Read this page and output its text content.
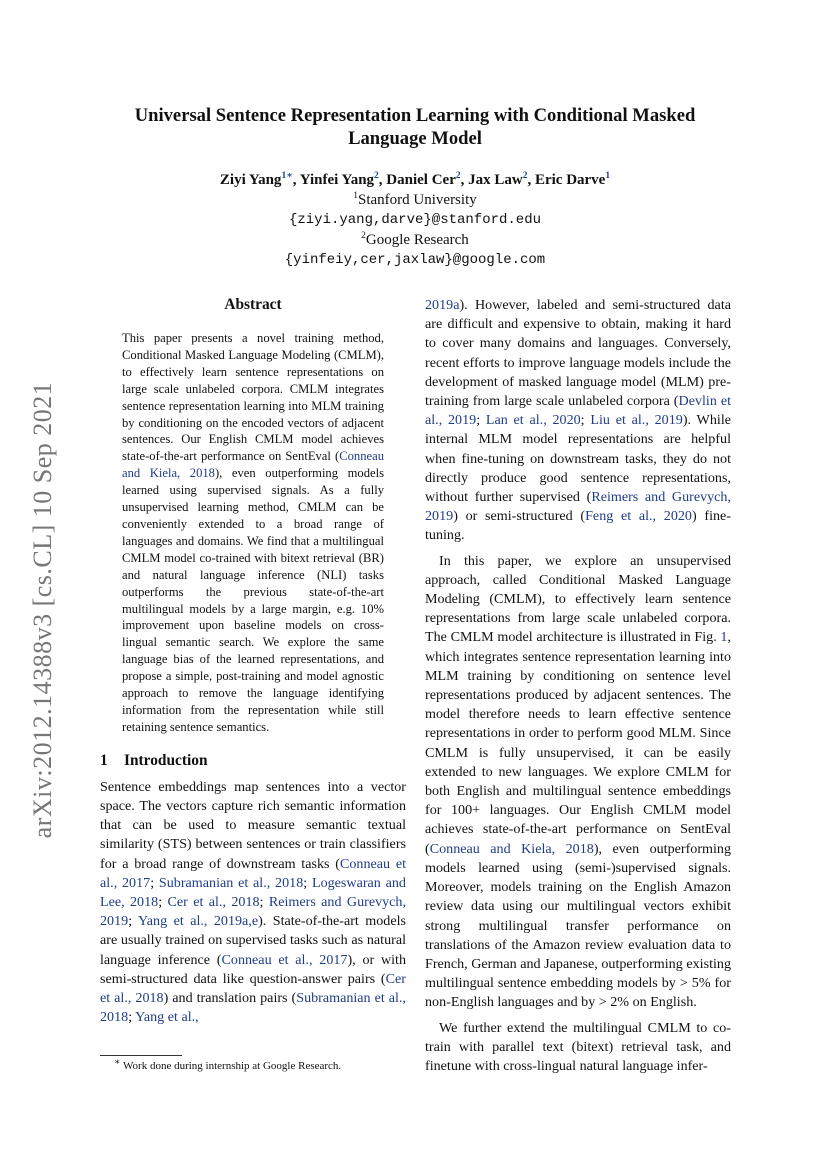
arXiv:2012.14388v3 [cs.CL] 10 Sep 2021
Universal Sentence Representation Learning with Conditional Masked
Language Model
Ziyi Yang$^{1∗}$, Yinfei Yang$^2$, Daniel Cer$^2$, Jax Law$^2$, Eric Darve$^1$
$^1$Stanford University
{ziyi.yang,darve}@stanford.edu
$^2$Google Research
{yinfeiy,cer,jaxlaw}@google.com
Abstract

This paper presents a novel training method, Conditional Masked Language Modeling (CMLM), to effectively learn sentence representations on large scale unlabeled corpora. CMLM integrates sentence representation learning into MLM training by conditioning on the encoded vectors of adjacent sentences. Our English CMLM model achieves state-of-the-art performance on SentEval (Conneau and Kiela, 2018), even outperforming models learned using supervised signals. As a fully unsupervised learning method, CMLM can be conveniently extended to a broad range of languages and domains. We find that a multilingual CMLM model co-trained with bitext retrieval (BR) and natural language inference (NLI) tasks outperforms the previous state-of-the-art multilingual models by a large margin, e.g. 10% improvement upon baseline models on cross-lingual semantic search. We explore the same language bias of the learned representations, and propose a simple, post-training and model agnostic approach to remove the language identifying information from the representation while still retaining sentence semantics.

1 Introduction

Sentence embeddings map sentences into a vector space. The vectors capture rich semantic information that can be used to measure semantic textual similarity (STS) between sentences or train classifiers for a broad range of downstream tasks (Conneau et al., 2017; Subramanian et al., 2018; Logeswaran and Lee, 2018; Cer et al., 2018; Reimers and Gurevych, 2019; Yang et al., 2019a,e). State-of-the-art models are usually trained on supervised tasks such as natural language inference (Conneau et al., 2017), or with semi-structured data like question-answer pairs (Cer et al., 2018) and translation pairs (Subramanian et al., 2018; Yang et al.,

2019a). However, labeled and semi-structured data are difficult and expensive to obtain, making it hard to cover many domains and languages. Conversely, recent efforts to improve language models include the development of masked language model (MLM) pre-training from large scale unlabeled corpora (Devlin et al., 2019; Lan et al., 2020; Liu et al., 2019). While internal MLM model representations are helpful when fine-tuning on downstream tasks, they do not directly produce good sentence representations, without further supervised (Reimers and Gurevych, 2019) or semi-structured (Feng et al., 2020) fine-tuning.

In this paper, we explore an unsupervised approach, called Conditional Masked Language Modeling (CMLM), to effectively learn sentence representations from large scale unlabeled corpora. The CMLM model architecture is illustrated in Fig. 1, which integrates sentence representation learning into MLM training by conditioning on sentence level representations produced by adjacent sentences. The model therefore needs to learn effective sentence representations in order to perform good MLM. Since CMLM is fully unsupervised, it can be easily extended to new languages. We explore CMLM for both English and multilingual sentence embeddings for 100+ languages. Our English CMLM model achieves state-of-the-art performance on SentEval (Conneau and Kiela, 2018), even outperforming models learned using (semi-)supervised signals. Moreover, models training on the English Amazon review data using our multilingual vectors exhibit strong multilingual transfer performance on translations of the Amazon review evaluation data to French, German and Japanese, outperforming existing multilingual sentence embedding models by > 5% for non-English languages and by > 2% on English.

We further extend the multilingual CMLM to co-train with parallel text (bitext) retrieval task, and finetune with cross-lingual natural language infer-

∗ Work done during internship at Google Research.
